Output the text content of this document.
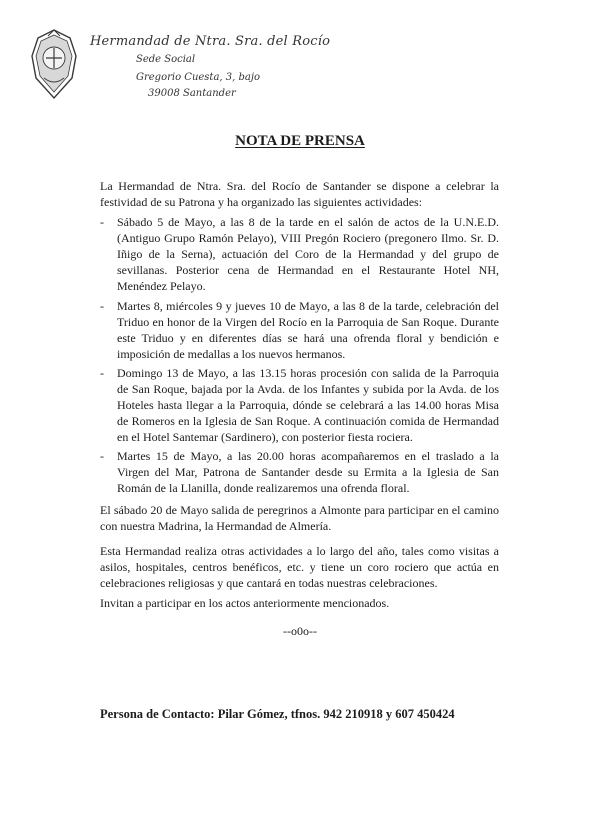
Hermandad de Ntra. Sra. del Rocío
Sede Social
Gregorio Cuesta, 3, bajo
39008 Santander
NOTA DE PRENSA
La Hermandad de Ntra. Sra. del Rocío de Santander se dispone a celebrar la festividad de su Patrona y ha organizado las siguientes actividades:
- Sábado 5 de Mayo, a las 8 de la tarde en el salón de actos de la U.N.E.D. (Antiguo Grupo Ramón Pelayo), VIII Pregón Rociero (pregonero Ilmo. Sr. D. Iñigo de la Serna), actuación del Coro de la Hermandad y del grupo de sevillanas. Posterior cena de Hermandad en el Restaurante Hotel NH, Menéndez Pelayo.
- Martes 8, miércoles 9 y jueves 10 de Mayo, a las 8 de la tarde, celebración del Triduo en honor de la Virgen del Rocío en la Parroquia de San Roque. Durante este Triduo y en diferentes días se hará una ofrenda floral y bendición e imposición de medallas a los nuevos hermanos.
- Domingo 13 de Mayo, a las 13.15 horas procesión con salida de la Parroquia de San Roque, bajada por la Avda. de los Infantes y subida por la Avda. de los Hoteles hasta llegar a la Parroquia, dónde se celebrará a las 14.00 horas Misa de Romeros en la Iglesia de San Roque. A continuación comida de Hermandad en el Hotel Santemar (Sardinero), con posterior fiesta rociera.
- Martes 15 de Mayo, a las 20.00 horas acompañaremos en el traslado a la Virgen del Mar, Patrona de Santander desde su Ermita a la Iglesia de San Román de la Llanilla, donde realizaremos una ofrenda floral.
El sábado 20 de Mayo salida de peregrinos a Almonte para participar en el camino con nuestra Madrina, la Hermandad de Almería.
Esta Hermandad realiza otras actividades a lo largo del año, tales como visitas a asilos, hospitales, centros benéficos, etc. y tiene un coro rociero que actúa en celebraciones religiosas y que cantará en todas nuestras celebraciones.
Invitan a participar en los actos anteriormente mencionados.
--o0o--
Persona de Contacto: Pilar Gómez, tfnos. 942 210918 y 607 450424
